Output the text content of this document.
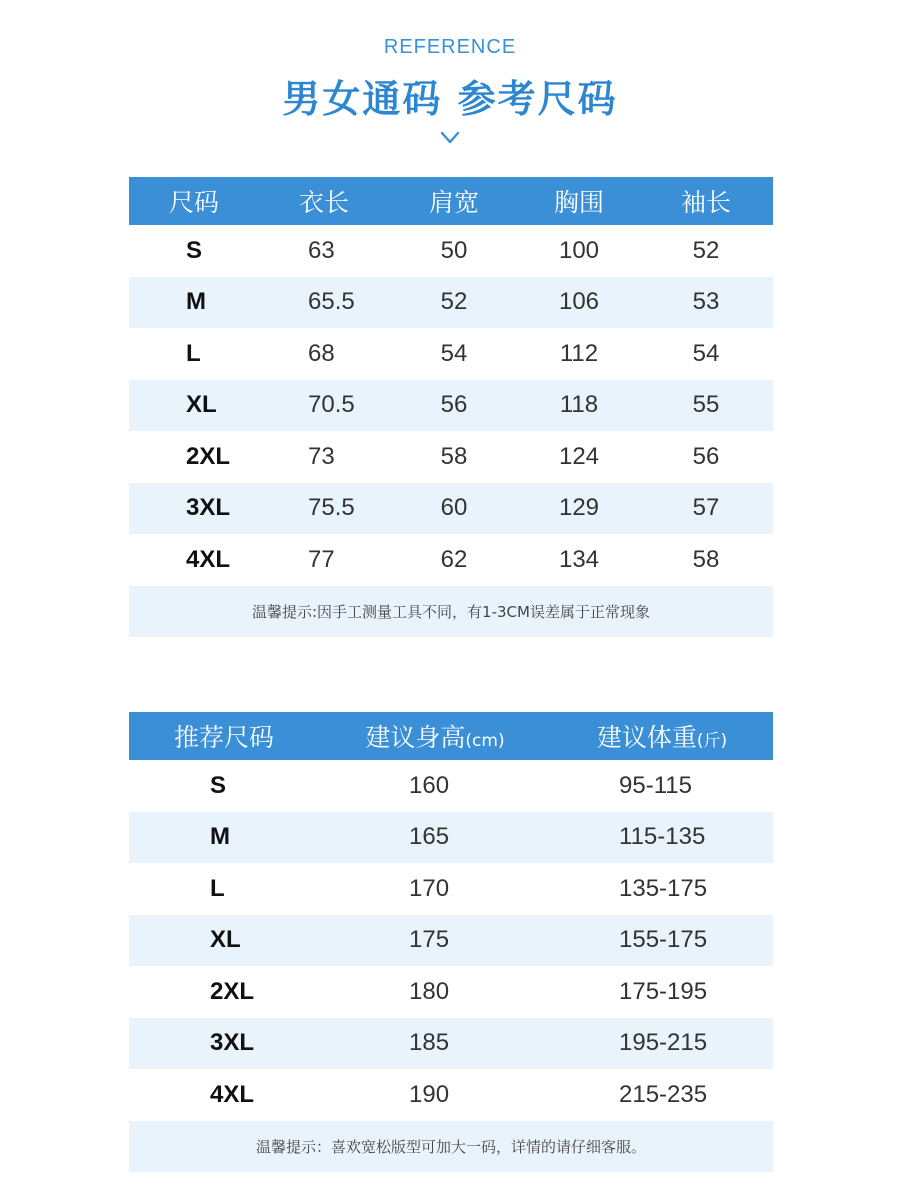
REFERENCE
男女通码 参考尺码
尺码	衣长	肩宽	胸围	袖长
S	63	50	100	52
M	65.5	52	106	53
L	68	54	112	54
XL	70.5	56	118	55
2XL	73	58	124	56
3XL	75.5	60	129	57
4XL	77	62	134	58
温馨提示:因手工测量工具不同，有1-3CM误差属于正常现象				
推荐尺码	建议身高(cm)	建议体重(斤)
S	160	95-115
M	165	115-135
L	170	135-175
XL	175	155-175
2XL	180	175-195
3XL	185	195-215
4XL	190	215-235
温馨提示：喜欢宽松版型可加大一码，详情的请仔细客服。		
